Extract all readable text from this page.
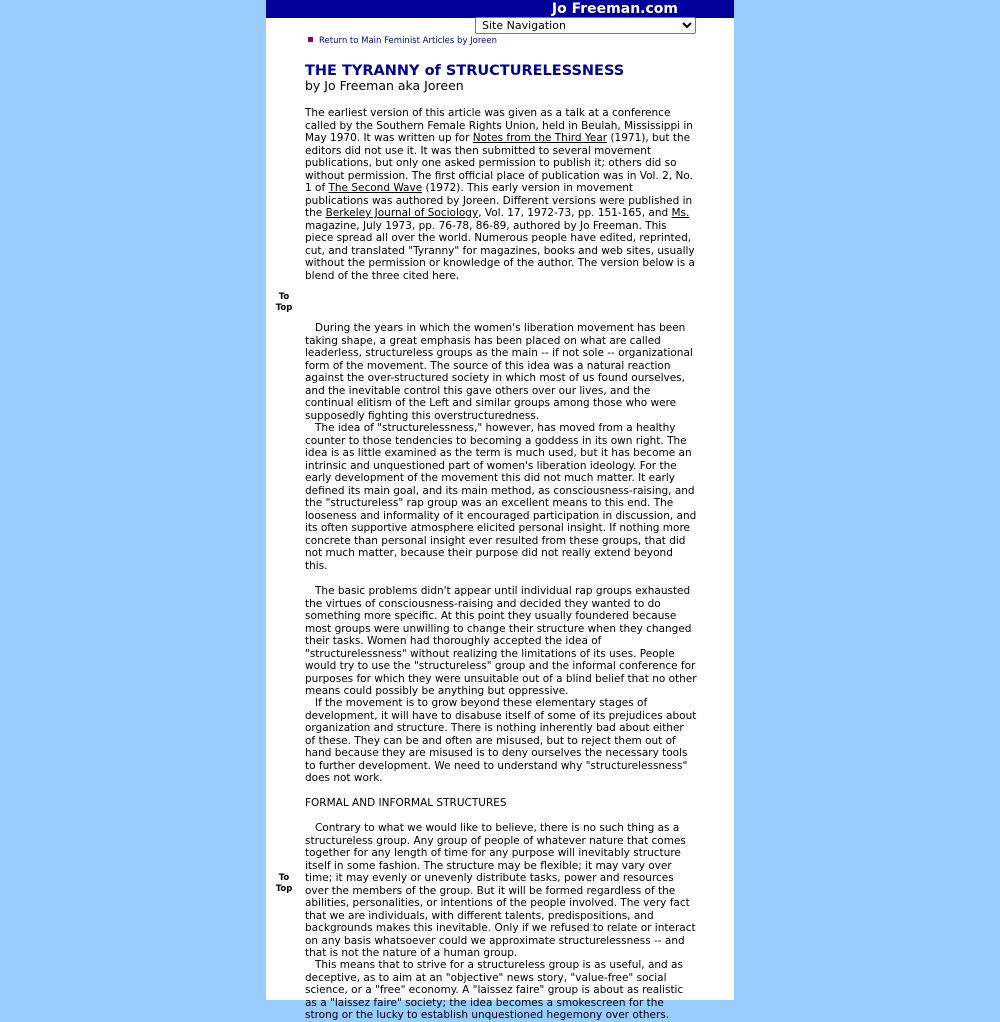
Jo Freeman.com
Site Navigation
Return to Main Feminist Articles by Joreen
THE TYRANNY of STRUCTURELESSNESS
by Jo Freeman aka Joreen

The earliest version of this article was given as a talk at a conference called by the Southern Female Rights Union, held in Beulah, Mississippi in May 1970. It was written up for Notes from the Third Year (1971), but the editors did not use it. It was then submitted to several movement publications, but only one asked permission to publish it; others did so without permission. The first official place of publication was in Vol. 2, No. 1 of The Second Wave (1972). This early version in movement publications was authored by Joreen. Different versions were published in the Berkeley Journal of Sociology, Vol. 17, 1972-73, pp. 151-165, and Ms. magazine, July 1973, pp. 76-78, 86-89, authored by Jo Freeman. This piece spread all over the world. Numerous people have edited, reprinted, cut, and translated "Tyranny" for magazines, books and web sites, usually without the permission or knowledge of the author. The version below is a blend of the three cited here.

To
Top

During the years in which the women's liberation movement has been taking shape, a great emphasis has been placed on what are called leaderless, structureless groups as the main -- if not sole -- organizational form of the movement. The source of this idea was a natural reaction against the over-structured society in which most of us found ourselves, and the inevitable control this gave others over our lives, and the continual elitism of the Left and similar groups among those who were supposedly fighting this overstructuredness.

The idea of "structurelessness," however, has moved from a healthy counter to those tendencies to becoming a goddess in its own right. The idea is as little examined as the term is much used, but it has become an intrinsic and unquestioned part of women's liberation ideology. For the early development of the movement this did not much matter. It early defined its main goal, and its main method, as consciousness-raising, and the "structureless" rap group was an excellent means to this end. The looseness and informality of it encouraged participation in discussion, and its often supportive atmosphere elicited personal insight. If nothing more concrete than personal insight ever resulted from these groups, that did not much matter, because their purpose did not really extend beyond this.

The basic problems didn't appear until individual rap groups exhausted the virtues of consciousness-raising and decided they wanted to do something more specific. At this point they usually foundered because most groups were unwilling to change their structure when they changed their tasks. Women had thoroughly accepted the idea of "structurelessness" without realizing the limitations of its uses. People would try to use the "structureless" group and the informal conference for purposes for which they were unsuitable out of a blind belief that no other means could possibly be anything but oppressive.

If the movement is to grow beyond these elementary stages of development, it will have to disabuse itself of some of its prejudices about organization and structure. There is nothing inherently bad about either of these. They can be and often are misused, but to reject them out of hand because they are misused is to deny ourselves the necessary tools to further development. We need to understand why "structurelessness" does not work.

FORMAL AND INFORMAL STRUCTURES
To
Top

Contrary to what we would like to believe, there is no such thing as a structureless group. Any group of people of whatever nature that comes together for any length of time for any purpose will inevitably structure itself in some fashion. The structure may be flexible; it may vary over time; it may evenly or unevenly distribute tasks, power and resources over the members of the group. But it will be formed regardless of the abilities, personalities, or intentions of the people involved. The very fact that we are individuals, with different talents, predispositions, and backgrounds makes this inevitable. Only if we refused to relate or interact on any basis whatsoever could we approximate structurelessness -- and that is not the nature of a human group.

This means that to strive for a structureless group is as useful, and as deceptive, as to aim at an "objective" news story, "value-free" social science, or a "free" economy. A "laissez faire" group is about as realistic as a "laissez faire" society; the idea becomes a smokescreen for the strong or the lucky to establish unquestioned hegemony over others.
